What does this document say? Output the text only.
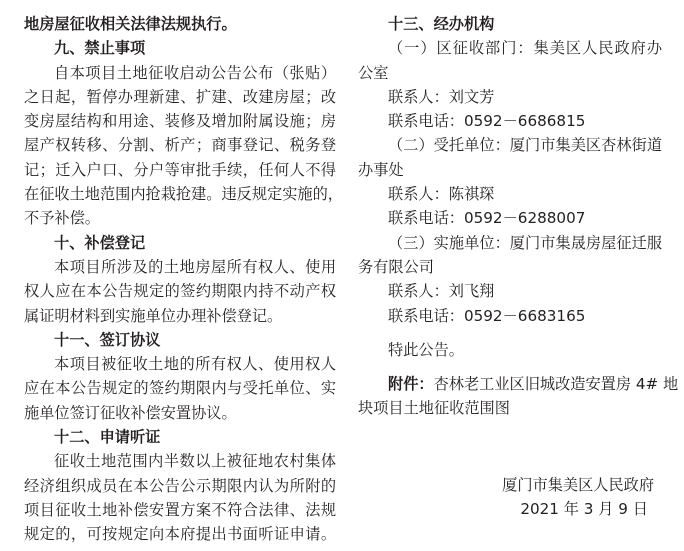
地房屋征收相关法律法规执行。
九、禁止事项
自本项目土地征收启动公告公布（张贴）
之日起，暂停办理新建、扩建、改建房屋；改
变房屋结构和用途、装修及增加附属设施；房
屋产权转移、分割、析产；商事登记、税务登
记；迁入户口、分户等审批手续，任何人不得
在征收土地范围内抢栽抢建。违反规定实施的，
不予补偿。
十、补偿登记
本项目所涉及的土地房屋所有权人、使用
权人应在本公告规定的签约期限内持不动产权
属证明材料到实施单位办理补偿登记。
十一、签订协议
本项目被征收土地的所有权人、使用权人
应在本公告规定的签约期限内与受托单位、实
施单位签订征收补偿安置协议。
十二、申请听证
征收土地范围内半数以上被征地农村集体
经济组织成员在本公告公示期限内认为所附的
项目征收土地补偿安置方案不符合法律、法规
规定的，可按规定向本府提出书面听证申请。
十三、经办机构
（一）区征收部门：集美区人民政府办
公室
联系人：刘文芳
联系电话：0592－6686815
（二）受托单位：厦门市集美区杏林街道
办事处
联系人：陈祺琛
联系电话：0592－6288007
（三）实施单位：厦门市集晟房屋征迁服
务有限公司
联系人：刘飞翔
联系电话：0592－6683165
特此公告。
附件：杏林老工业区旧城改造安置房 4# 地
块项目土地征收范围图
厦门市集美区人民政府
2021 年 3 月 9 日
